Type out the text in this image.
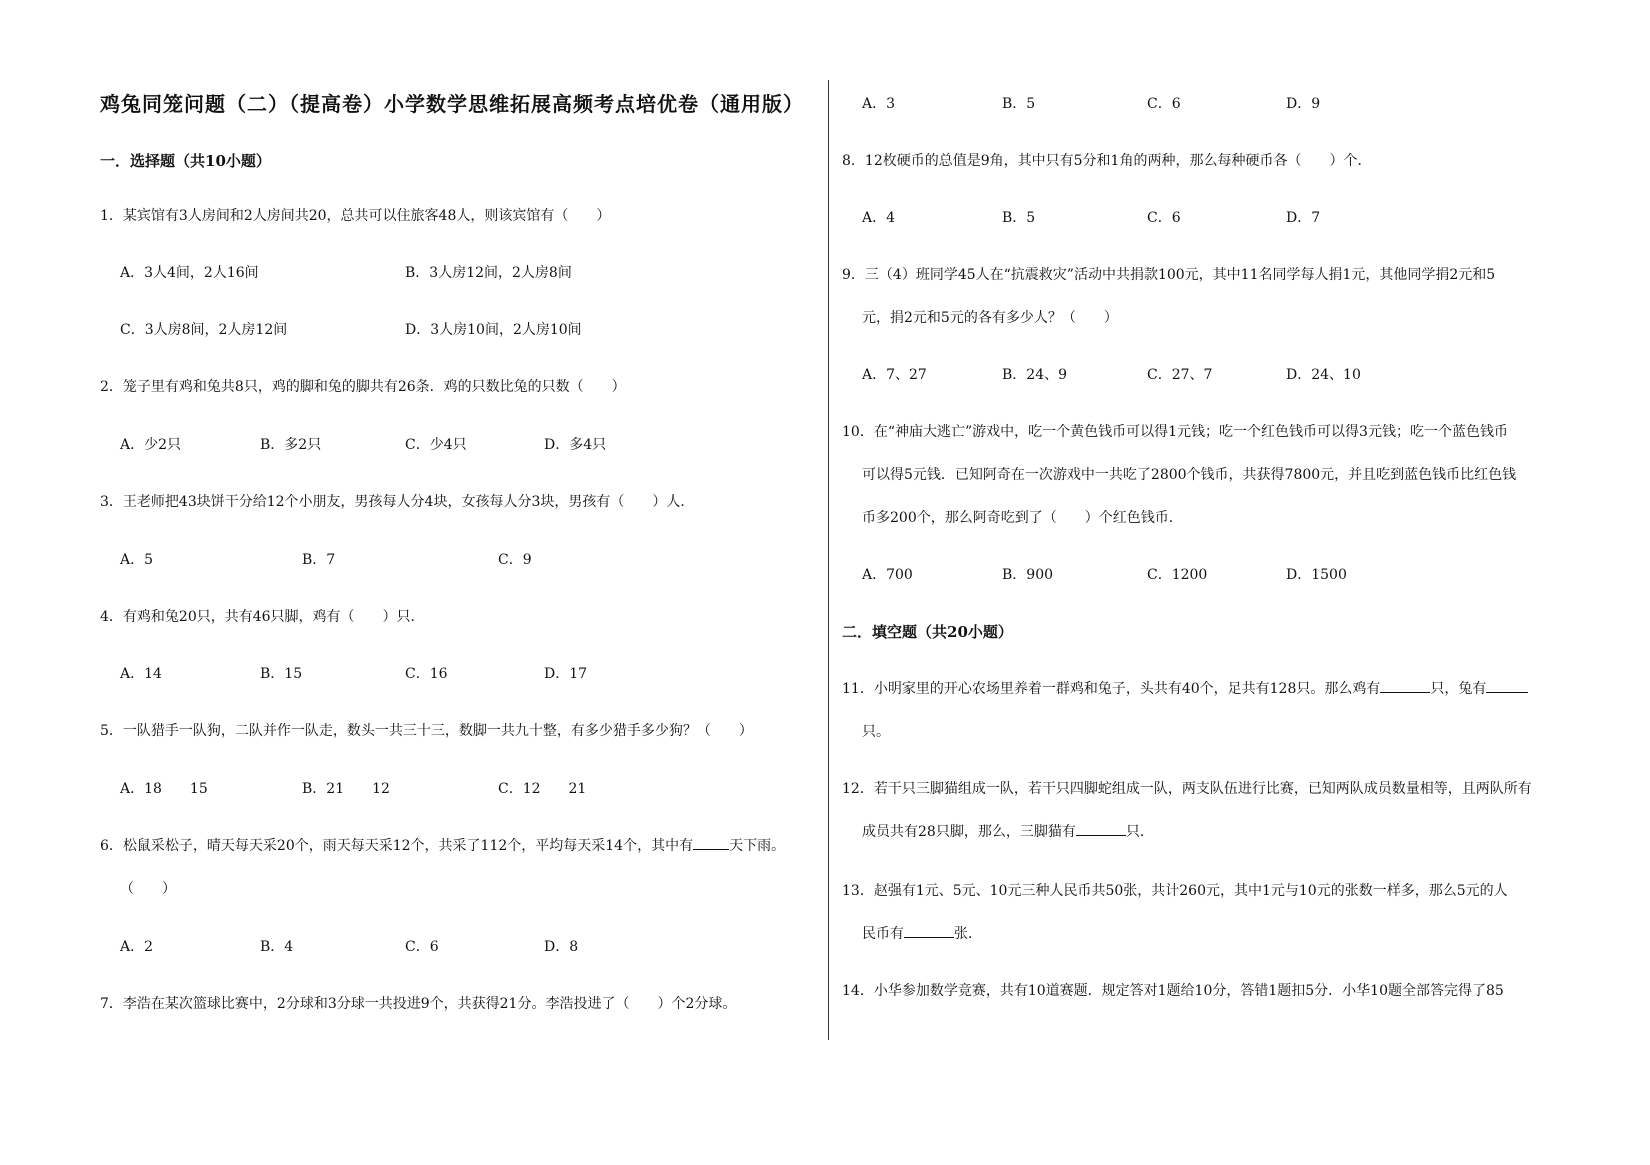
鸡兔同笼问题（二）（提高卷）小学数学思维拓展高频考点培优卷（通用版）
一．选择题（共10小题）
1．某宾馆有3人房间和2人房间共20，总共可以住旅客48人，则该宾馆有（　　）
A．3人4间，2人16间	B．3人房12间，2人房8间
C．3人房8间，2人房12间	D．3人房10间，2人房10间
2．笼子里有鸡和兔共8只，鸡的脚和兔的脚共有26条．鸡的只数比兔的只数（　　）
A．少2只	B．多2只	C．少4只	D．多4只
3．王老师把43块饼干分给12个小朋友，男孩每人分4块，女孩每人分3块，男孩有（　　）人．
A．5	B．7	C．9
4．有鸡和兔20只，共有46只脚，鸡有（　　）只．
A．14	B．15	C．16	D．17
5．一队猎手一队狗，二队并作一队走，数头一共三十三，数脚一共九十整，有多少猎手多少狗？（　　）
A．18　　15	B．21　　12	C．12　　21
6．松鼠采松子，晴天每天采20个，雨天每天采12个，共采了112个，平均每天采14个，其中有	天下雨。
（　　）
A．2	B．4	C．6	D．8
7．李浩在某次篮球比赛中，2分球和3分球一共投进9个，共获得21分。李浩投进了（　　）个2分球。
A．3	B．5	C．6	D．9
8．12枚硬币的总值是9角，其中只有5分和1角的两种，那么每种硬币各（　　）个．
A．4	B．5	C．6	D．7
9．三（4）班同学45人在“抗震救灾”活动中共捐款100元，其中11名同学每人捐1元，其他同学捐2元和5
元，捐2元和5元的各有多少人？（　　）
A．7、27	B．24、9	C．27、7	D．24、10
10．在“神庙大逃亡”游戏中，吃一个黄色钱币可以得1元钱；吃一个红色钱币可以得3元钱；吃一个蓝色钱币
可以得5元钱．已知阿奇在一次游戏中一共吃了2800个钱币，共获得7800元，并且吃到蓝色钱币比红色钱
币多200个，那么阿奇吃到了（　　）个红色钱币．
A．700	B．900	C．1200	D．1500
二．填空题（共20小题）
11．小明家里的开心农场里养着一群鸡和兔子，头共有40个，足共有128只。那么鸡有	只，兔有
只。
12．若干只三脚猫组成一队，若干只四脚蛇组成一队，两支队伍进行比赛，已知两队成员数量相等，且两队所有
成员共有28只脚，那么，三脚猫有	只．
13．赵强有1元、5元、10元三种人民币共50张，共计260元，其中1元与10元的张数一样多，那么5元的人
民币有	张．
14．小华参加数学竞赛，共有10道赛题．规定答对1题给10分，答错1题扣5分．小华10题全部答完得了85
